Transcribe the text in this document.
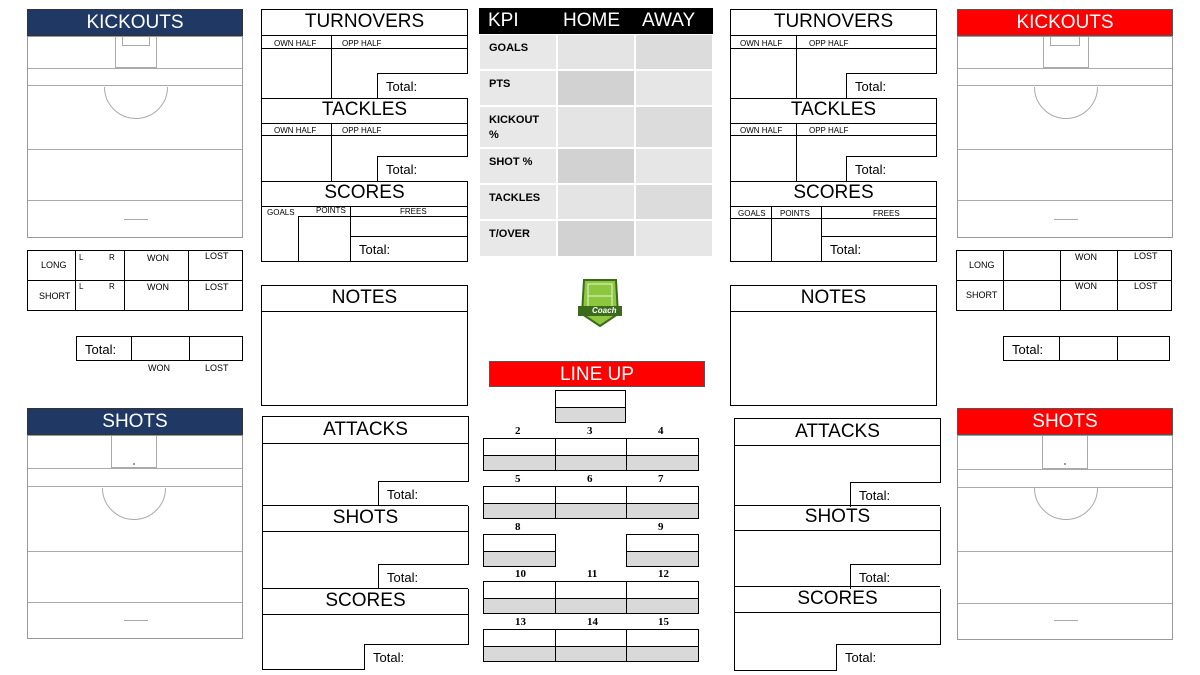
KICKOUTS
LONG
L	R	WON	LOST
SHORT
L	R	WON	LOST
Total:
WON	LOST
SHOTS
TURNOVERS
OWN HALF	OPP HALF
Total:
TACKLES
OWN HALF	OPP HALF
Total:
SCORES
GOALS	POINTS	FREES
Total:
NOTES
ATTACKS
Total:
SHOTS
Total:
SCORES
Total:
KPI HOME AWAY
GOALS
PTS
KICKOUT
%
SHOT %
TACKLES
T/OVER
Coach
LINE UP
2	3	4
5	6	7
8	9
10	11	12
13	14	15
TURNOVERS
OWN HALF	OPP HALF
Total:
TACKLES
OWN HALF	OPP HALF
Total:
SCORES
GOALS POINTS	FREES
Total:
NOTES
ATTACKS
Total:
SHOTS
Total:
SCORES
Total:
KICKOUTS
LONG
WON	LOST
SHORT
WON	LOST
Total:
SHOTS
